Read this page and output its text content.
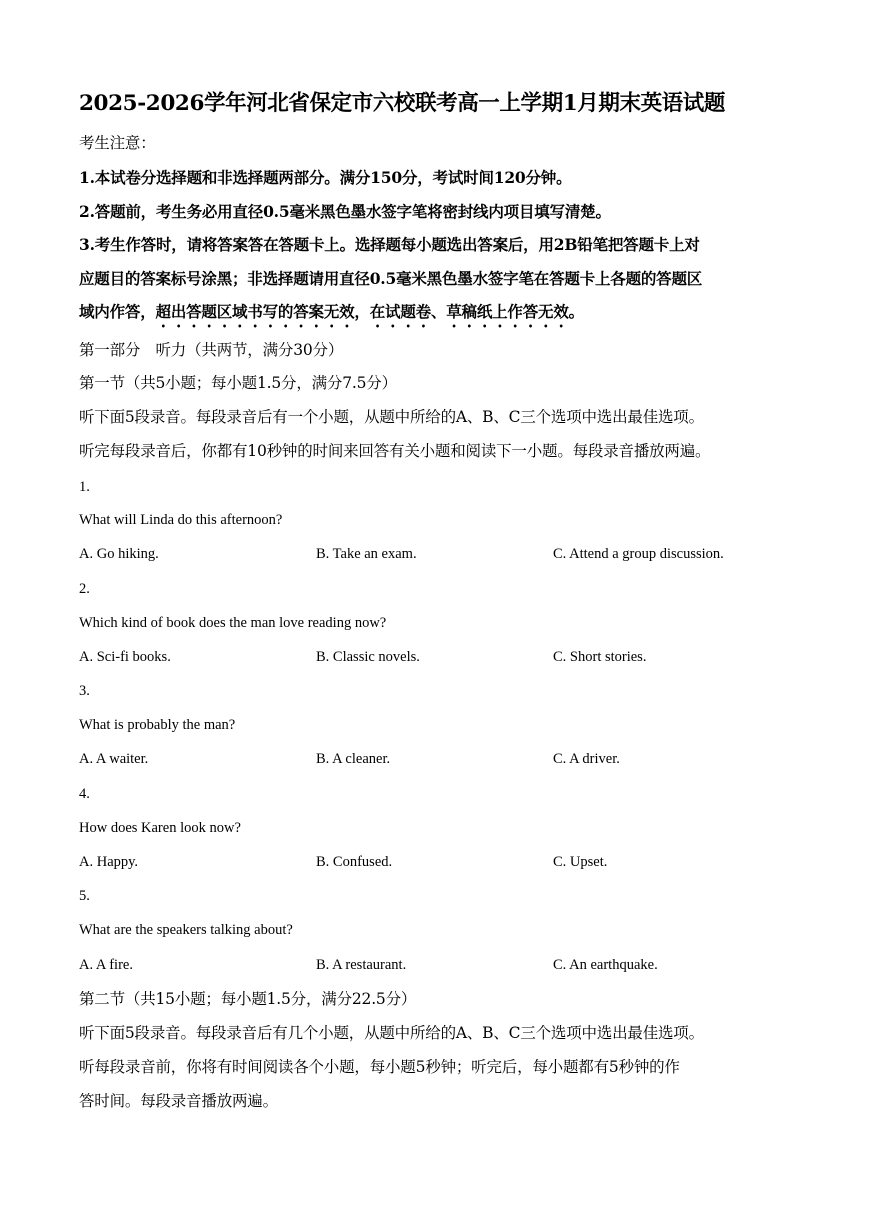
2025-2026学年河北省保定市六校联考高一上学期1月期末英语试题
考生注意：
1.本试卷分选择题和非选择题两部分。满分150分，考试时间120分钟。
2.答题前，考生务必用直径0.5毫米黑色墨水签字笔将密封线内项目填写清楚。
3.考生作答时，请将答案答在答题卡上。选择题每小题选出答案后，用2B铅笔把答题卡上对
应题目的答案标号涂黑；非选择题请用直径0.5毫米黑色墨水签字笔在答题卡上各题的答题区
域内作答，超出答题区域书写的答案无效，在试题卷、草稿纸上作答无效。
第一部分　听力（共两节，满分30分）
第一节（共5小题；每小题1.5分，满分7.5分）
听下面5段录音。每段录音后有一个小题，从题中所给的A、B、C三个选项中选出最佳选项。
听完每段录音后，你都有10秒钟的时间来回答有关小题和阅读下一小题。每段录音播放两遍。
1.
What will Linda do this afternoon?
A. Go hiking.	B. Take an exam.	C. Attend a group discussion.
2.
Which kind of book does the man love reading now?
A. Sci-fi books.	B. Classic novels.	C. Short stories.
3.
What is probably the man?
A. A waiter.	B. A cleaner.	C. A driver.
4.
How does Karen look now?
A. Happy.	B. Confused.	C. Upset.
5.
What are the speakers talking about?
A. A fire.	B. A restaurant.	C. An earthquake.
第二节（共15小题；每小题1.5分，满分22.5分）
听下面5段录音。每段录音后有几个小题，从题中所给的A、B、C三个选项中选出最佳选项。
听每段录音前，你将有时间阅读各个小题，每小题5秒钟；听完后，每小题都有5秒钟的作
答时间。每段录音播放两遍。
